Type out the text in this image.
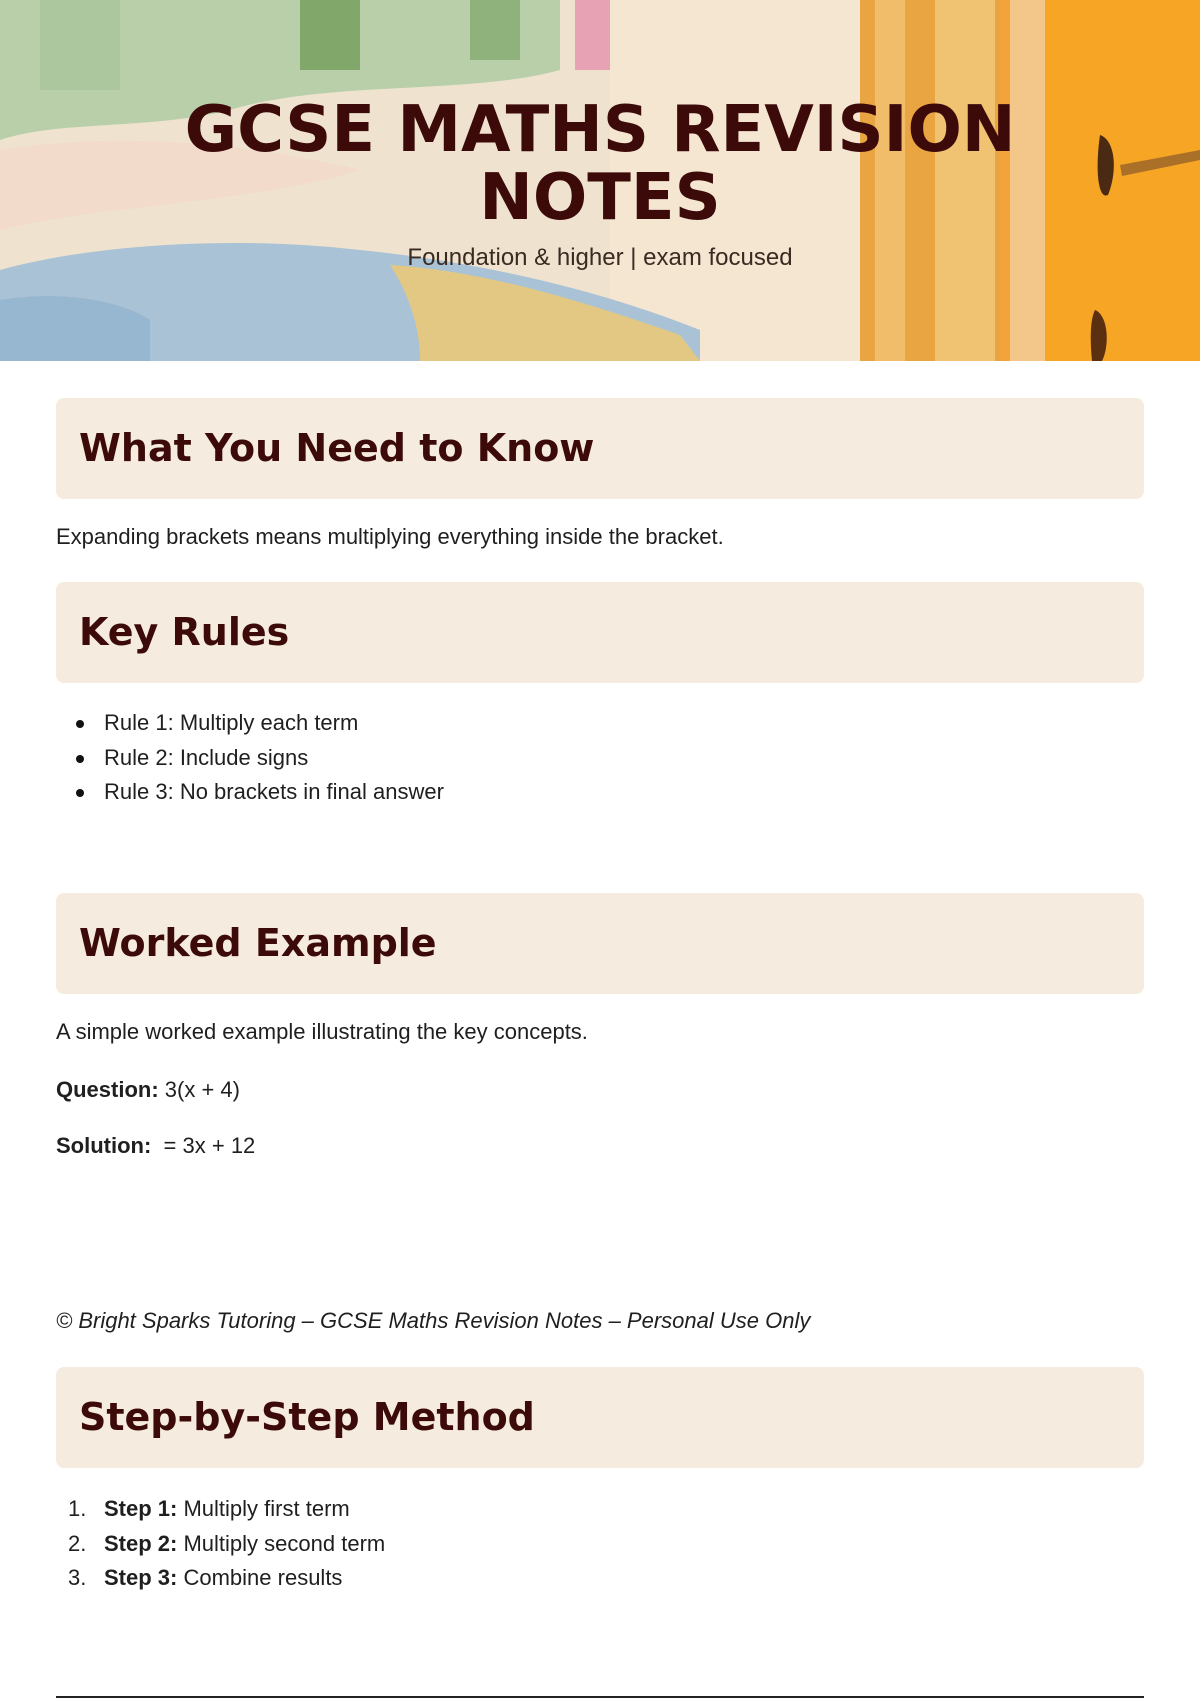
GCSE MATHS REVISION
NOTES
Foundation & higher | exam focused
What You Need to Know

Expanding brackets means multiplying everything inside the bracket.

Key Rules
Rule 1: Multiply each term
Rule 2: Include signs
Rule 3: No brackets in final answer
Worked Example

A simple worked example illustrating the key concepts.

Question: 3(x + 4)

Solution: = 3x + 12

© Bright Sparks Tutoring – GCSE Maths Revision Notes – Personal Use Only

Step-by-Step Method
1. Step 1: Multiply first term
2. Step 2: Multiply second term
3. Step 3: Combine results
